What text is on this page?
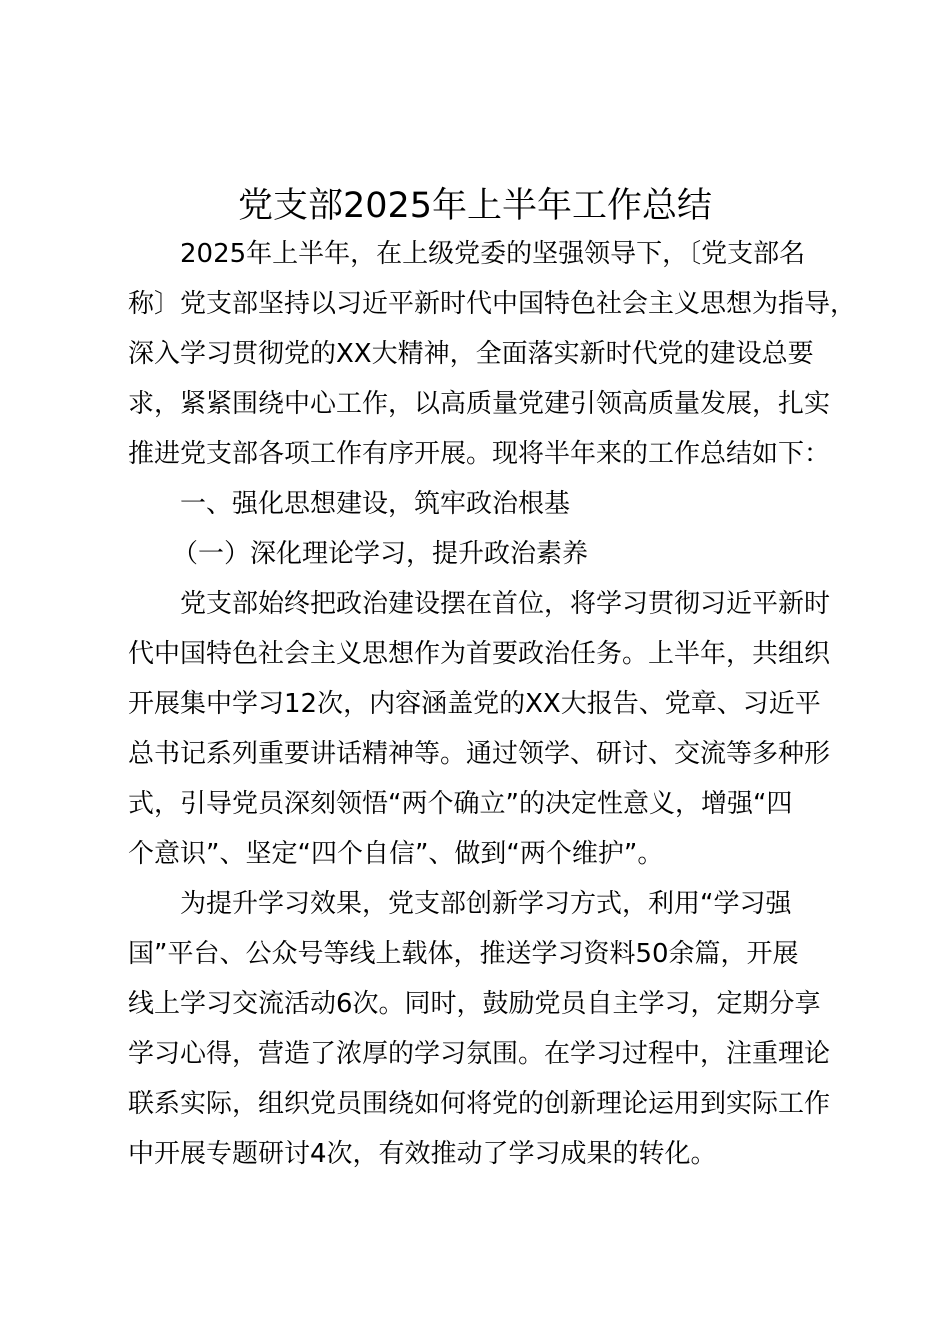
党支部2025年上半年工作总结
2025年上半年，在上级党委的坚强领导下，〔党支部名
称〕党支部坚持以习近平新时代中国特色社会主义思想为指导，
深入学习贯彻党的XX大精神，全面落实新时代党的建设总要
求，紧紧围绕中心工作，以高质量党建引领高质量发展，扎实
推进党支部各项工作有序开展。现将半年来的工作总结如下：
一、强化思想建设，筑牢政治根基
（一）深化理论学习，提升政治素养
党支部始终把政治建设摆在首位，将学习贯彻习近平新时
代中国特色社会主义思想作为首要政治任务。上半年，共组织
开展集中学习12次，内容涵盖党的XX大报告、党章、习近平
总书记系列重要讲话精神等。通过领学、研讨、交流等多种形
式，引导党员深刻领悟“两个确立”的决定性意义，增强“四
个意识”、坚定“四个自信”、做到“两个维护”。
为提升学习效果，党支部创新学习方式，利用“学习强
国”平台、公众号等线上载体，推送学习资料50余篇，开展
线上学习交流活动6次。同时，鼓励党员自主学习，定期分享
学习心得，营造了浓厚的学习氛围。在学习过程中，注重理论
联系实际，组织党员围绕如何将党的创新理论运用到实际工作
中开展专题研讨4次，有效推动了学习成果的转化。
